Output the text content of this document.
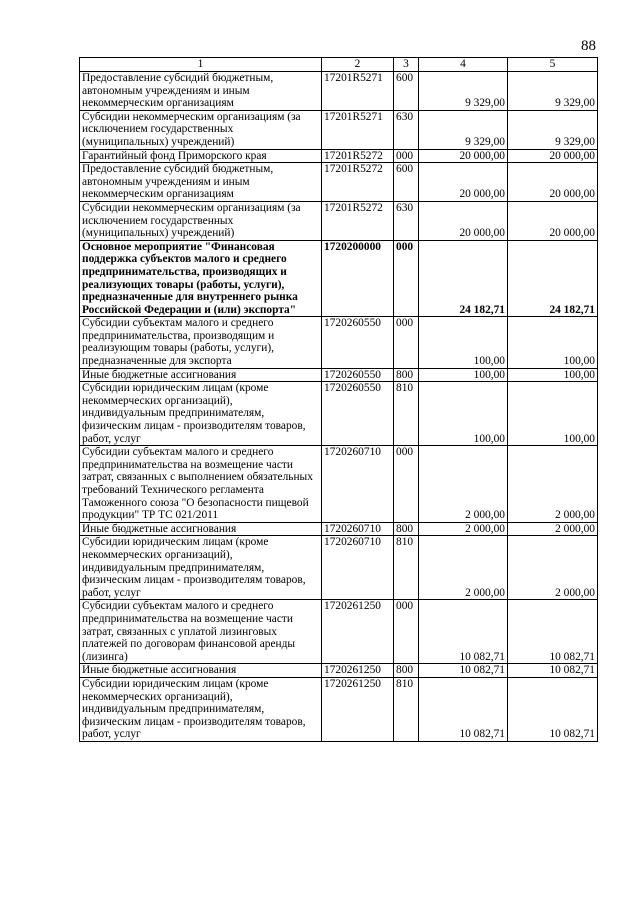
88
1	2	3	4	5
Предоставление субсидий бюджетным, автономным учреждениям и иным некоммерческим организациям	17201R5271	600	9 329,00	9 329,00
Субсидии некоммерческим организациям (за исключением государственных (муниципальных) учреждений)	17201R5271	630	9 329,00	9 329,00
Гарантийный фонд Приморского края	17201R5272	000	20 000,00	20 000,00
Предоставление субсидий бюджетным, автономным учреждениям и иным некоммерческим организациям	17201R5272	600	20 000,00	20 000,00
Субсидии некоммерческим организациям (за исключением государственных (муниципальных) учреждений)	17201R5272	630	20 000,00	20 000,00
Основное мероприятие "Финансовая поддержка субъектов малого и среднего предпринимательства, производящих и реализующих товары (работы, услуги), предназначенные для внутреннего рынка Российской Федерации и (или) экспорта"	1720200000	000	24 182,71	24 182,71
Субсидии субъектам малого и среднего предпринимательства, производящим и реализующим товары (работы, услуги), предназначенные для экспорта	1720260550	000	100,00	100,00
Иные бюджетные ассигнования	1720260550	800	100,00	100,00
Субсидии юридическим лицам (кроме некоммерческих организаций), индивидуальным предпринимателям, физическим лицам - производителям товаров, работ, услуг	1720260550	810	100,00	100,00
Субсидии субъектам малого и среднего предпринимательства на возмещение части затрат, связанных с выполнением обязательных требований Технического регламента Таможенного союза "О безопасности пищевой продукции" ТР ТС 021/2011	1720260710	000	2 000,00	2 000,00
Иные бюджетные ассигнования	1720260710	800	2 000,00	2 000,00
Субсидии юридическим лицам (кроме некоммерческих организаций), индивидуальным предпринимателям, физическим лицам - производителям товаров, работ, услуг	1720260710	810	2 000,00	2 000,00
Субсидии субъектам малого и среднего предпринимательства на возмещение части затрат, связанных с уплатой лизинговых платежей по договорам финансовой аренды (лизинга)	1720261250	000	10 082,71	10 082,71
Иные бюджетные ассигнования	1720261250	800	10 082,71	10 082,71
Субсидии юридическим лицам (кроме некоммерческих организаций), индивидуальным предпринимателям, физическим лицам - производителям товаров, работ, услуг	1720261250	810	10 082,71	10 082,71
